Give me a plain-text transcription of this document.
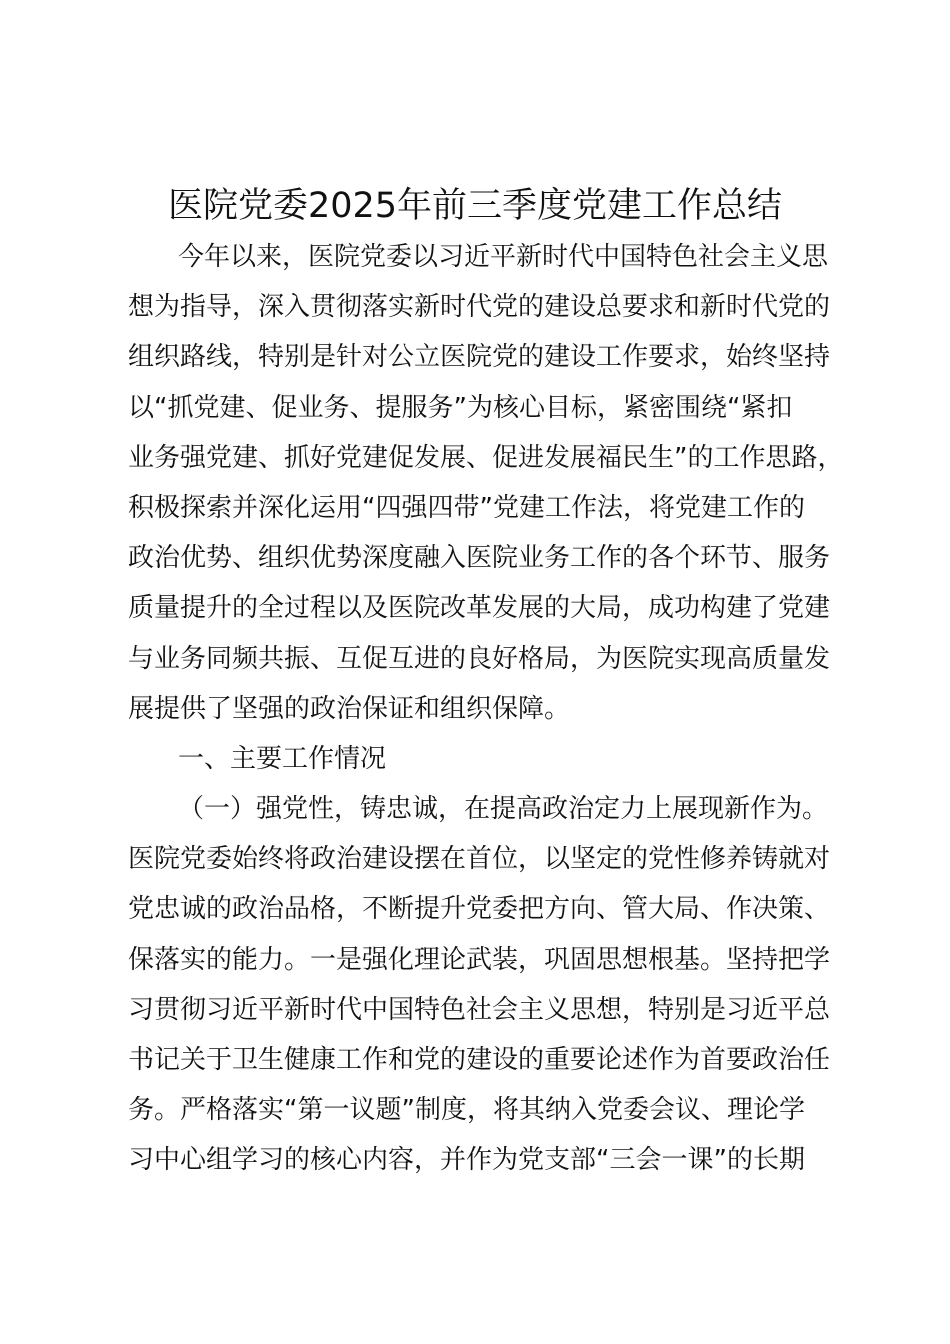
医院党委2025年前三季度党建工作总结
今年以来，医院党委以习近平新时代中国特色社会主义思
想为指导，深入贯彻落实新时代党的建设总要求和新时代党的
组织路线，特别是针对公立医院党的建设工作要求，始终坚持
以“抓党建、促业务、提服务”为核心目标，紧密围绕“紧扣
业务强党建、抓好党建促发展、促进发展福民生”的工作思路，
积极探索并深化运用“四强四带”党建工作法，将党建工作的
政治优势、组织优势深度融入医院业务工作的各个环节、服务
质量提升的全过程以及医院改革发展的大局，成功构建了党建
与业务同频共振、互促互进的良好格局，为医院实现高质量发
展提供了坚强的政治保证和组织保障。
一、主要工作情况
（一）强党性，铸忠诚，在提高政治定力上展现新作为。
医院党委始终将政治建设摆在首位，以坚定的党性修养铸就对
党忠诚的政治品格，不断提升党委把方向、管大局、作决策、
保落实的能力。一是强化理论武装，巩固思想根基。坚持把学
习贯彻习近平新时代中国特色社会主义思想，特别是习近平总
书记关于卫生健康工作和党的建设的重要论述作为首要政治任
务。严格落实“第一议题”制度，将其纳入党委会议、理论学
习中心组学习的核心内容，并作为党支部“三会一课”的长期
